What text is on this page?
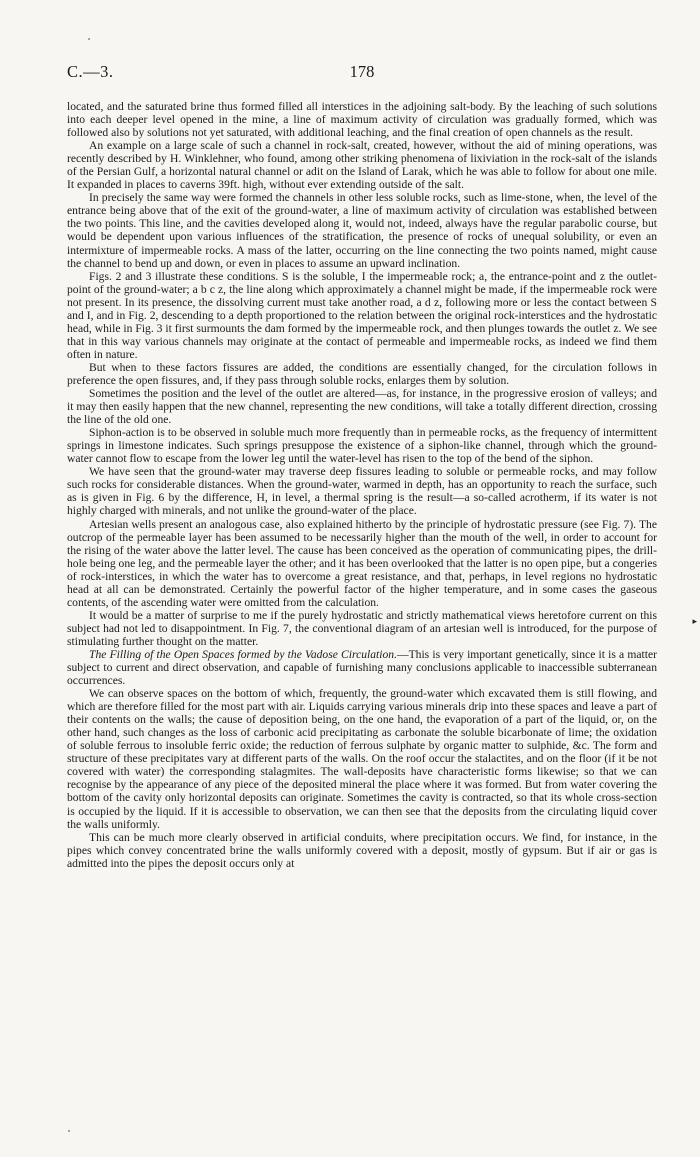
C.—3.	178

located, and the saturated brine thus formed filled all interstices in the adjoining salt-body. By the leaching of such solutions into each deeper level opened in the mine, a line of maximum activity of circulation was gradually formed, which was followed also by solutions not yet saturated, with additional leaching, and the final creation of open channels as the result.

An example on a large scale of such a channel in rock-salt, created, however, without the aid of mining operations, was recently described by H. Winklehner, who found, among other striking phenomena of lixiviation in the rock-salt of the islands of the Persian Gulf, a horizontal natural channel or adit on the Island of Larak, which he was able to follow for about one mile. It expanded in places to caverns 39ft. high, without ever extending outside of the salt.

In precisely the same way were formed the channels in other less soluble rocks, such as lime-stone, when, the level of the entrance being above that of the exit of the ground-water, a line of maximum activity of circulation was established between the two points. This line, and the cavities developed along it, would not, indeed, always have the regular parabolic course, but would be dependent upon various influences of the stratification, the presence of rocks of unequal solubility, or even an intermixture of impermeable rocks. A mass of the latter, occurring on the line connecting the two points named, might cause the channel to bend up and down, or even in places to assume an upward inclination.

Figs. 2 and 3 illustrate these conditions. S is the soluble, I the impermeable rock; a, the entrance-point and z the outlet-point of the ground-water; a b c z, the line along which approximately a channel might be made, if the impermeable rock were not present. In its presence, the dissolving current must take another road, a d z, following more or less the contact between S and I, and in Fig. 2, descending to a depth proportioned to the relation between the original rock-interstices and the hydrostatic head, while in Fig. 3 it first surmounts the dam formed by the impermeable rock, and then plunges towards the outlet z. We see that in this way various channels may originate at the contact of permeable and impermeable rocks, as indeed we find them often in nature.

But when to these factors fissures are added, the conditions are essentially changed, for the circulation follows in preference the open fissures, and, if they pass through soluble rocks, enlarges them by solution.

Sometimes the position and the level of the outlet are altered—as, for instance, in the progressive erosion of valleys; and it may then easily happen that the new channel, representing the new conditions, will take a totally different direction, crossing the line of the old one.

Siphon-action is to be observed in soluble much more frequently than in permeable rocks, as the frequency of intermittent springs in limestone indicates. Such springs presuppose the existence of a siphon-like channel, through which the ground-water cannot flow to escape from the lower leg until the water-level has risen to the top of the bend of the siphon.

We have seen that the ground-water may traverse deep fissures leading to soluble or permeable rocks, and may follow such rocks for considerable distances. When the ground-water, warmed in depth, has an opportunity to reach the surface, such as is given in Fig. 6 by the difference, H, in level, a thermal spring is the result—a so-called acrotherm, if its water is not highly charged with minerals, and not unlike the ground-water of the place.

Artesian wells present an analogous case, also explained hitherto by the principle of hydrostatic pressure (see Fig. 7). The outcrop of the permeable layer has been assumed to be necessarily higher than the mouth of the well, in order to account for the rising of the water above the latter level. The cause has been conceived as the operation of communicating pipes, the drill-hole being one leg, and the permeable layer the other; and it has been overlooked that the latter is no open pipe, but a congeries of rock-interstices, in which the water has to overcome a great resistance, and that, perhaps, in level regions no hydrostatic head at all can be demonstrated. Certainly the powerful factor of the higher temperature, and in some cases the gaseous contents, of the ascending water were omitted from the calculation.

It would be a matter of surprise to me if the purely hydrostatic and strictly mathematical views heretofore current on this subject had not led to disappointment. In Fig. 7, the conventional diagram of an artesian well is introduced, for the purpose of stimulating further thought on the matter.

The Filling of the Open Spaces formed by the Vadose Circulation.—This is very important genetically, since it is a matter subject to current and direct observation, and capable of furnishing many conclusions applicable to inaccessible subterranean occurrences.

We can observe spaces on the bottom of which, frequently, the ground-water which excavated them is still flowing, and which are therefore filled for the most part with air. Liquids carrying various minerals drip into these spaces and leave a part of their contents on the walls; the cause of deposition being, on the one hand, the evaporation of a part of the liquid, or, on the other hand, such changes as the loss of carbonic acid precipitating as carbonate the soluble bicarbonate of lime; the oxidation of soluble ferrous to insoluble ferric oxide; the reduction of ferrous sulphate by organic matter to sulphide, &c. The form and structure of these precipitates vary at different parts of the walls. On the roof occur the stalactites, and on the floor (if it be not covered with water) the corresponding stalagmites. The wall-deposits have characteristic forms likewise; so that we can recognise by the appearance of any piece of the deposited mineral the place where it was formed. But from water covering the bottom of the cavity only horizontal deposits can originate. Sometimes the cavity is contracted, so that its whole cross-section is occupied by the liquid. If it is accessible to observation, we can then see that the deposits from the circulating liquid cover the walls uniformly.

This can be much more clearly observed in artificial conduits, where precipitation occurs. We find, for instance, in the pipes which convey concentrated brine the walls uniformly covered with a deposit, mostly of gypsum. But if air or gas is admitted into the pipes the deposit occurs only at

▸
